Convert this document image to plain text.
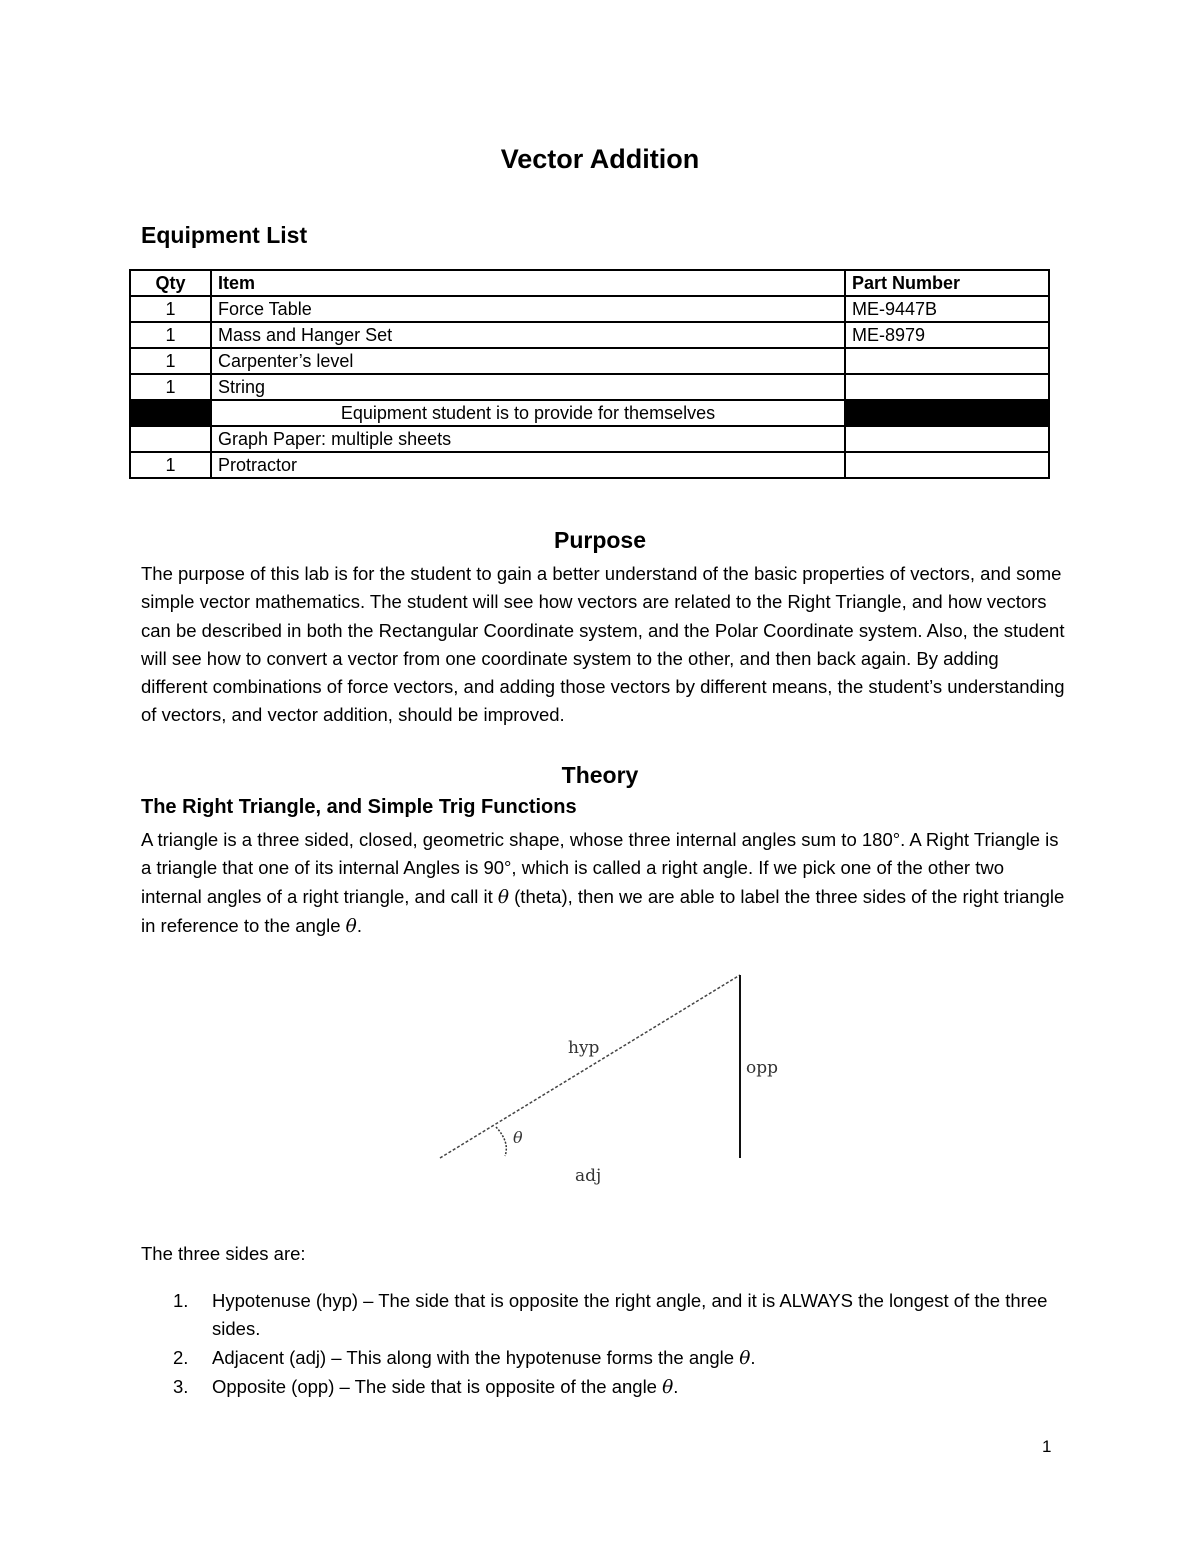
Vector Addition
Equipment List
Qty	Item	Part Number
1	Force Table	ME-9447B
1	Mass and Hanger Set	ME-8979
1	Carpenter’s level	
1	String	
	Equipment student is to provide for themselves	
	Graph Paper: multiple sheets	
1	Protractor	
Purpose
The purpose of this lab is for the student to gain a better understand of the basic properties of vectors, and some simple vector mathematics. The student will see how vectors are related to the Right Triangle, and how vectors can be described in both the Rectangular Coordinate system, and the Polar Coordinate system. Also, the student will see how to convert a vector from one coordinate system to the other, and then back again. By adding different combinations of force vectors, and adding those vectors by different means, the student’s understanding of vectors, and vector addition, should be improved.
Theory
The Right Triangle, and Simple Trig Functions
A triangle is a three sided, closed, geometric shape, whose three internal angles sum to 180°. A Right Triangle is a triangle that one of its internal Angles is 90°, which is called a right angle. If we pick one of the other two internal angles of a right triangle, and call it θ (theta), then we are able to label the three sides of the right triangle in reference to the angle θ.
hyp
opp
adj
θ
The three sides are:
1. Hypotenuse (hyp) – The side that is opposite the right angle, and it is ALWAYS the longest of the three sides.
2. Adjacent (adj) – This along with the hypotenuse forms the angle θ.
3. Opposite (opp) – The side that is opposite of the angle θ.
1
